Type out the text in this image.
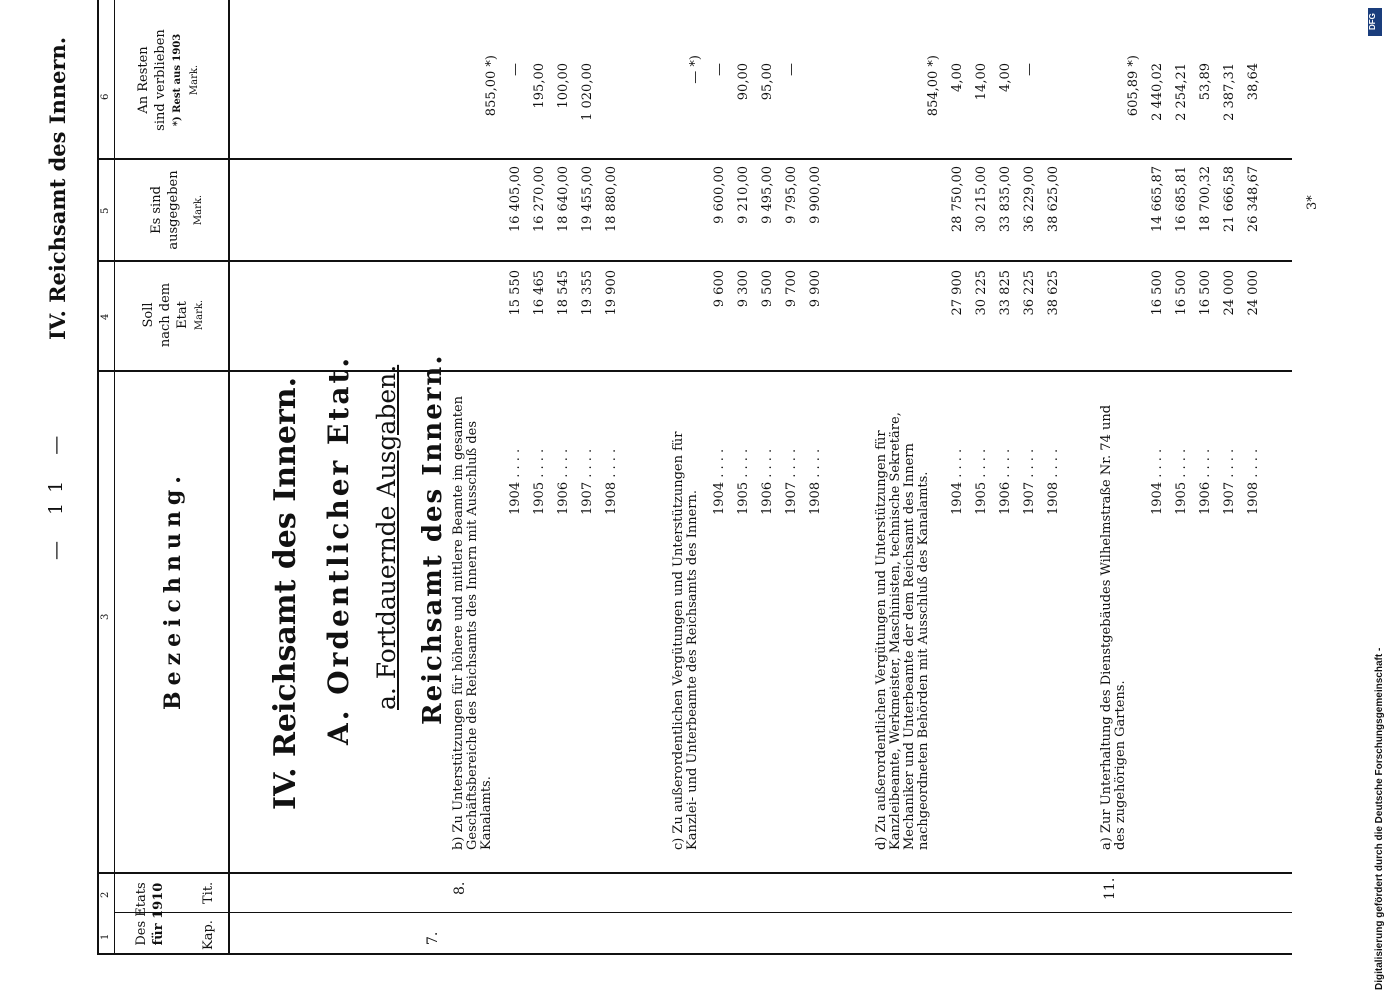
— 11 —
IV. Reichsamt des Innern.
1
2
3
4
5
6
Des Etats für 1910	Kap.
Tit.
Bezeichnung.
Soll nach dem Etat Mark.
Es sind ausgegeben	Mark.
An Resten sind verblieben *) Rest aus 1903 Mark.
IV. Reichsamt des Innern. A. Ordentlicher Etat. a. Fortdauernde Ausgaben. Reichsamt des Innern.
7.
8.
b) Zu Unterstützungen für höhere und mittlere Beamte im gesamten Geschäftsbereiche des Reichsamts des Innern mit Ausschluß des Kanalamts.
1904 . . . . 1905 . . . . 1906 . . . . 1907 . . . . 1908 . . . .
15 550 16 465 18 545 19 355 19 900
16 405,00 16 270,00 18 640,00 19 455,00 18 880,00
855,00 *) — 195,00 100,00 1 020,00
c) Zu außerordentlichen Vergütungen und Unterstützungen für Kanzlei- und Unterbeamte des Reichsamts des Innern.
1904 . . . . 1905 . . . . 1906 . . . . 1907 . . . . 1908 . . . .
9 600 9 300 9 500 9 700 9 900
9 600,00 9 210,00 9 495,00 9 795,00 9 900,00
— *) — 90,00 95,00 —
d) Zu außerordentlichen Vergütungen und Unterstützungen für Kanzleibeamte, Werkmeister, Maschinisten, technische Sekretäre, Mechaniker und Unterbeamte der dem Reichsamt des Innern nachgeordneten Behörden mit Ausschluß des Kanalamts. 1904 . . . . 1905 . . . . 1906 . . . . 1907 . . . . 1908 . . . .
27 900 30 225 33 825 36 225 38 625
28 750,00 30 215,00 33 835,00 36 229,00 38 625,00
854,00 *) 4,00 14,00 4,00 —
11.
a) Zur Unterhaltung des Dienstgebäudes Wilhelmstraße Nr. 74 und des zugehörigen Gartens.
1904 . . . . 1905 . . . . 1906 . . . . 1907 . . . . 1908 . . . .
16 500 16 500 16 500 24 000 24 000
14 665,87 16 685,81 18 700,32 21 666,58 26 348,67
605,89 *) 2 440,02 2 254,21 53,89 2 387,31 38,64
3*
Digitalisierung gefördert durch die Deutsche Forschungsgemeinschaft -
DFG
